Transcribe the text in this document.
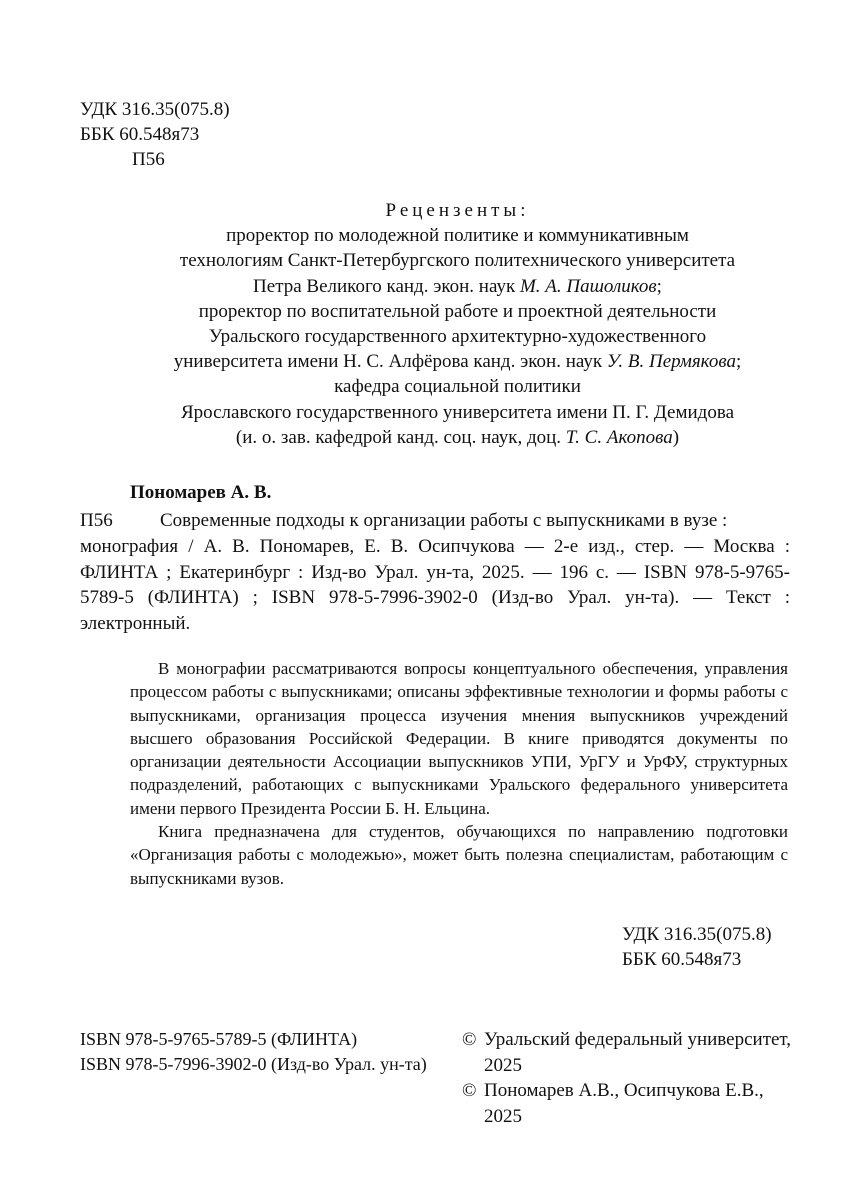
УДК 316.35(075.8)
ББК 60.548я73
П56
Рецензенты:
проректор по молодежной политике и коммуникативным
технологиям Санкт-Петербургского политехнического университета
Петра Великого канд. экон. наук М. А. Пашоликов;
проректор по воспитательной работе и проектной деятельности
Уральского государственного архитектурно-художественного
университета имени Н. С. Алфёрова канд. экон. наук У. В. Пермякова;
кафедра социальной политики
Ярославского государственного университета имени П. Г. Демидова
(и. о. зав. кафедрой канд. соц. наук, доц. Т. С. Акопова)
Пономарев А. В.
П56	Современные подходы к организации работы с выпускниками в вузе :
монография / А. В. Пономарев, Е. В. Осипчукова — 2-е изд., стер. — Москва : ФЛИНТА ; Екатеринбург : Изд-во Урал. ун-та, 2025. — 196 с. — ISBN 978-5-9765-5789-5 (ФЛИНТА) ; ISBN 978-5-7996-3902-0 (Изд-во Урал. ун-та). — Текст : электронный.

В монографии рассматриваются вопросы концептуального обеспечения, управления процессом работы с выпускниками; описаны эффективные технологии и формы работы с выпускниками, организация процесса изучения мнения выпускников учреждений высшего образования Российской Федерации. В книге приводятся документы по организации деятельности Ассоциации выпускников УПИ, УрГУ и УрФУ, структурных подразделений, работающих с выпускниками Уральского федерального университета имени первого Президента России Б. Н. Ельцина.

Книга предназначена для студентов, обучающихся по направлению подготовки «Организация работы с молодежью», может быть полезна специалистам, работающим с выпускниками вузов.

УДК 316.35(075.8)
ББК 60.548я73
ISBN 978-5-9765-5789-5 (ФЛИНТА)
ISBN 978-5-7996-3902-0 (Изд-во Урал. ун-та)
© Уральский федеральный университет, 2025
© Пономарев А.В., Осипчукова Е.В., 2025
